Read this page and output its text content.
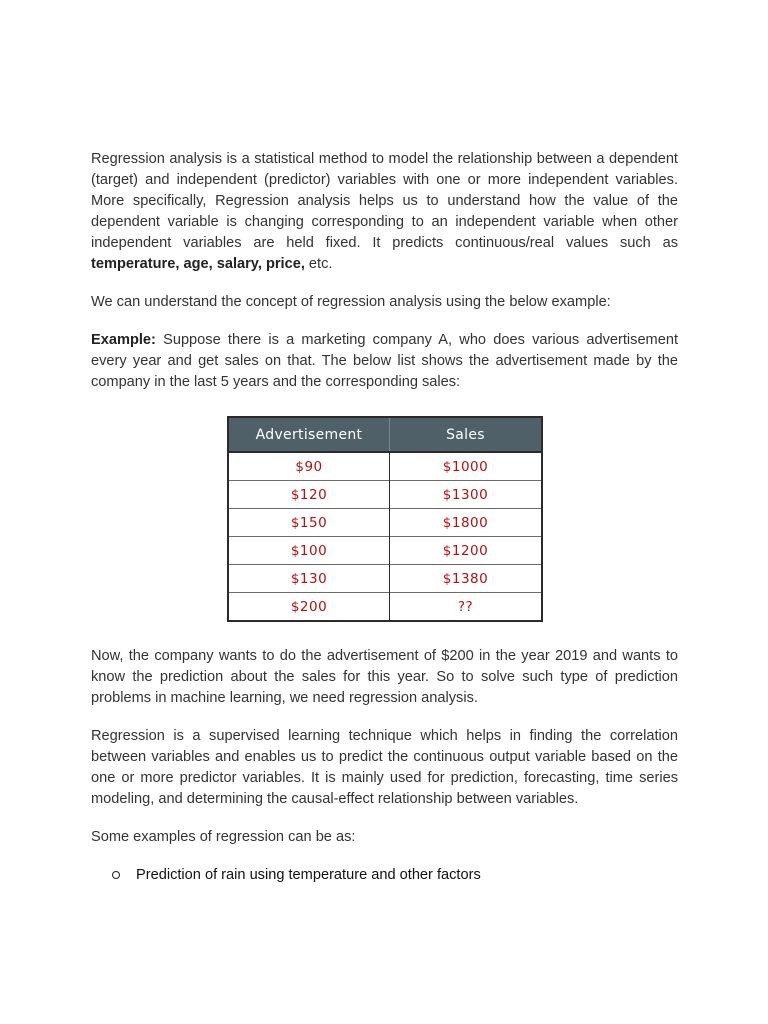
Regression analysis is a statistical method to model the relationship between a dependent (target) and independent (predictor) variables with one or more independent variables. More specifically, Regression analysis helps us to understand how the value of the dependent variable is changing corresponding to an independent variable when other independent variables are held fixed. It predicts continuous/real values such as temperature, age, salary, price, etc.

We can understand the concept of regression analysis using the below example:

Example: Suppose there is a marketing company A, who does various advertisement every year and get sales on that. The below list shows the advertisement made by the company in the last 5 years and the corresponding sales:

Advertisement	Sales
$90	$1000
$120	$1300
$150	$1800
$100	$1200
$130	$1380
$200	??

Now, the company wants to do the advertisement of $200 in the year 2019 and wants to know the prediction about the sales for this year. So to solve such type of prediction problems in machine learning, we need regression analysis.

Regression is a supervised learning technique which helps in finding the correlation between variables and enables us to predict the continuous output variable based on the one or more predictor variables. It is mainly used for prediction, forecasting, time series modeling, and determining the causal-effect relationship between variables.

Some examples of regression can be as:

Prediction of rain using temperature and other factors
